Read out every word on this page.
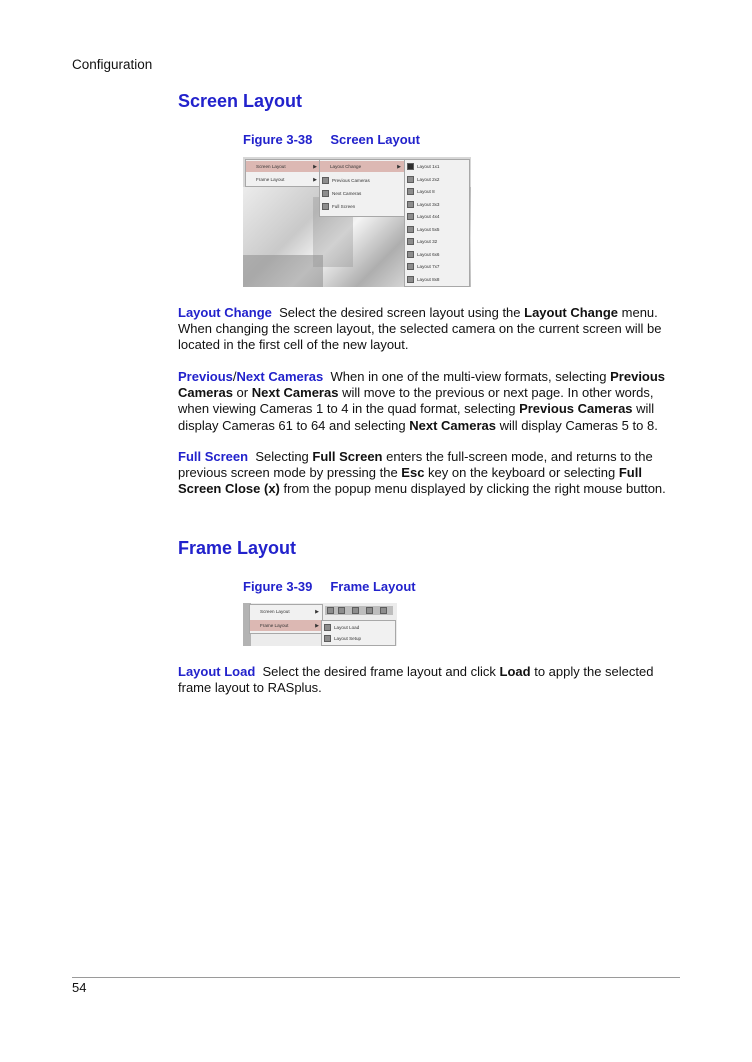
Configuration
Screen Layout
Figure 3-38 Screen Layout
Screen Layout	▶
Frame Layout	▶
Layout Change	▶
Previous Cameras
Next Cameras
Full Screen
Layout 1x1
Layout 2x2
Layout 8
Layout 3x3
Layout 4x4
Layout 5x5
Layout 32
Layout 6x6
Layout 7x7
Layout 8x8

Layout Change Select the desired screen layout using the Layout Change menu. When changing the screen layout, the selected camera on the current screen will be located in the first cell of the new layout.

Previous/Next Cameras When in one of the multi-view formats, selecting Previous Cameras or Next Cameras will move to the previous or next page. In other words, when viewing Cameras 1 to 4 in the quad format, selecting Previous Cameras will display Cameras 61 to 64 and selecting Next Cameras will display Cameras 5 to 8.

Full Screen Selecting Full Screen enters the full-screen mode, and returns to the previous screen mode by pressing the Esc key on the keyboard or selecting Full Screen Close (x) from the popup menu displayed by clicking the right mouse button.

Frame Layout
Figure 3-39 Frame Layout
Screen Layout	▶
Frame Layout	▶	Layout Load
Layout Setup

Layout Load Select the desired frame layout and click Load to apply the selected frame layout to RASplus.

54
